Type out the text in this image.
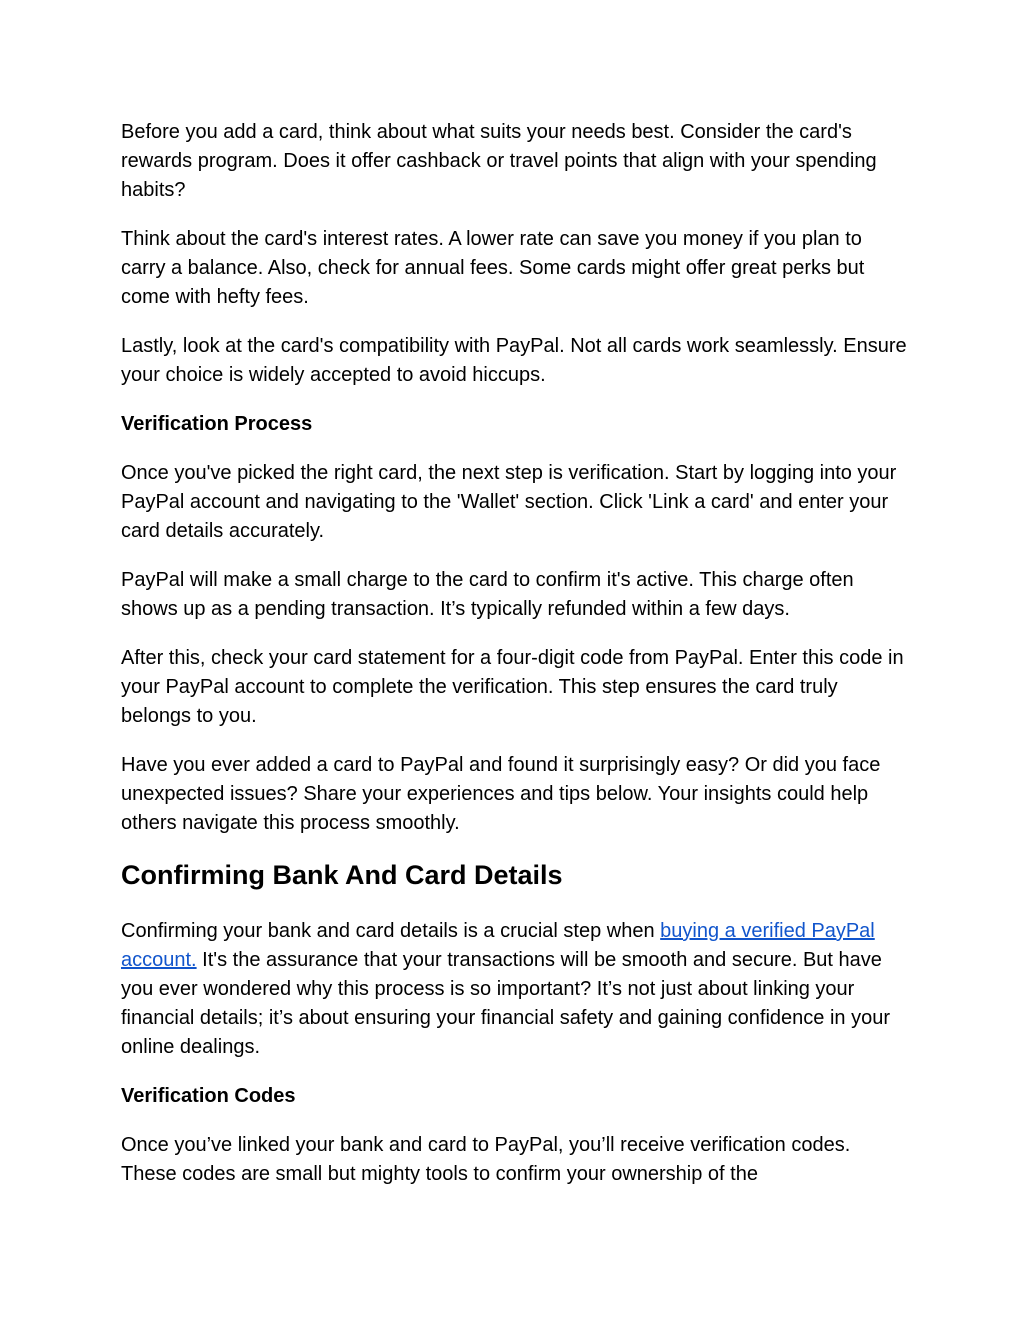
Before you add a card, think about what suits your needs best. Consider the card's rewards program. Does it offer cashback or travel points that align with your spending habits?

Think about the card's interest rates. A lower rate can save you money if you plan to carry a balance. Also, check for annual fees. Some cards might offer great perks but come with hefty fees.

Lastly, look at the card's compatibility with PayPal. Not all cards work seamlessly. Ensure your choice is widely accepted to avoid hiccups.

Verification Process

Once you've picked the right card, the next step is verification. Start by logging into your PayPal account and navigating to the 'Wallet' section. Click 'Link a card' and enter your card details accurately.

PayPal will make a small charge to the card to confirm it's active. This charge often shows up as a pending transaction. It’s typically refunded within a few days.

After this, check your card statement for a four-digit code from PayPal. Enter this code in your PayPal account to complete the verification. This step ensures the card truly belongs to you.

Have you ever added a card to PayPal and found it surprisingly easy? Or did you face unexpected issues? Share your experiences and tips below. Your insights could help others navigate this process smoothly.

Confirming Bank And Card Details

Confirming your bank and card details is a crucial step when buying a verified PayPal account. It's the assurance that your transactions will be smooth and secure. But have you ever wondered why this process is so important? It’s not just about linking your financial details; it’s about ensuring your financial safety and gaining confidence in your online dealings.

Verification Codes

Once you’ve linked your bank and card to PayPal, you’ll receive verification codes. These codes are small but mighty tools to confirm your ownership of the
